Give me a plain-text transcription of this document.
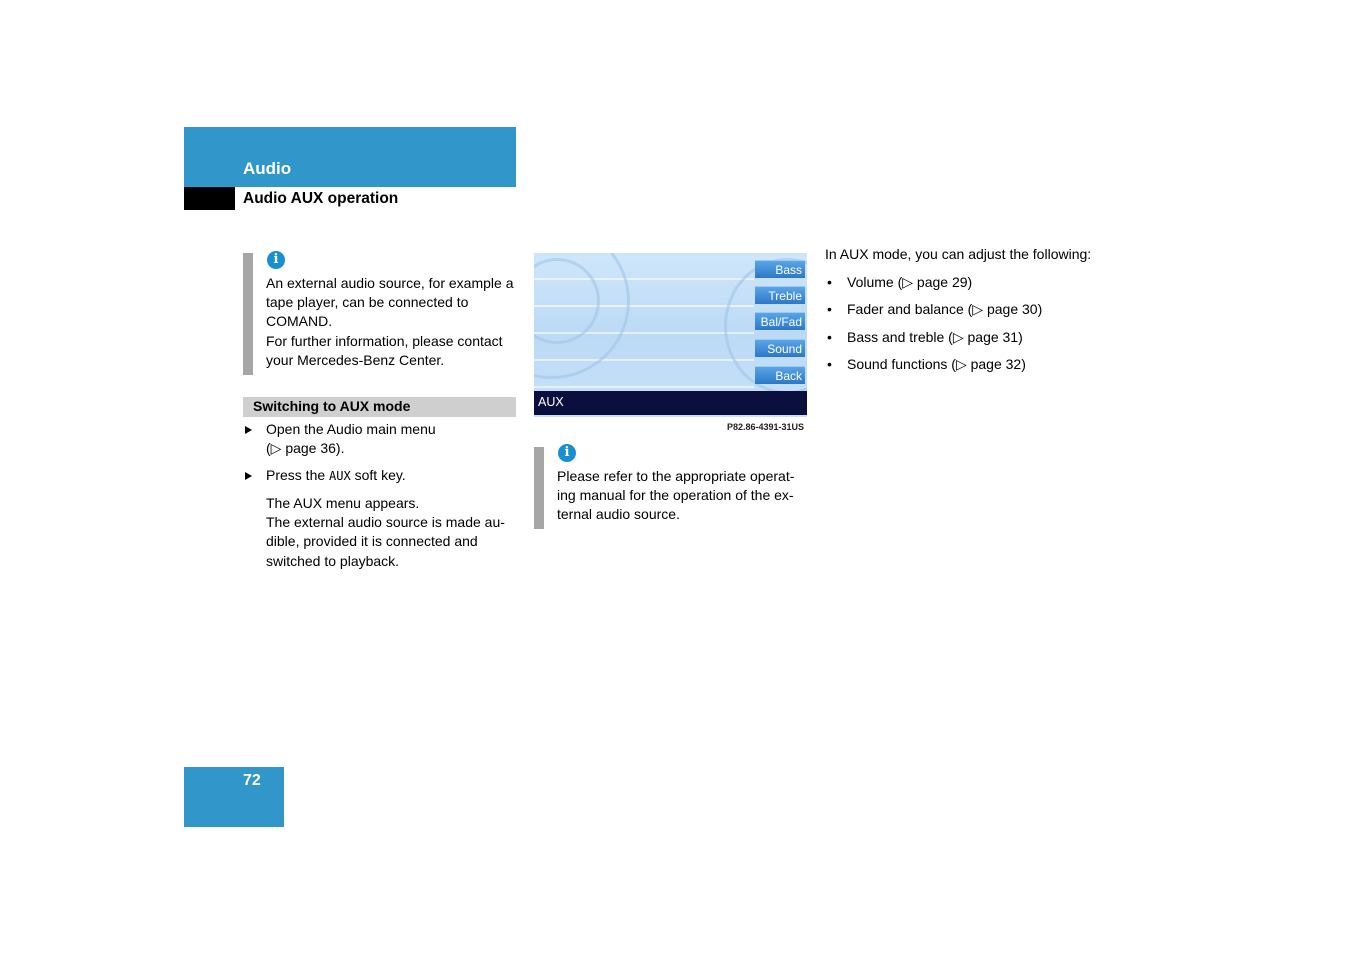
Audio
Audio AUX operation
i

An external audio source, for example a

tape player, can be connected to

COMAND.

For further information, please contact

your Mercedes-Benz Center.

Switching to AUX mode

Open the Audio main menu

(▷ page 36).

Press the AUX soft key.

The AUX menu appears.

The external audio source is made au-

dible, provided it is connected and

switched to playback.

Bass
Treble
Bal/Fad
Sound
Back
AUX
P82.86-4391-31US
i

Please refer to the appropriate operat-

ing manual for the operation of the ex-

ternal audio source.

In AUX mode, you can adjust the following:

• Volume (▷ page 29)
• Fader and balance (▷ page 30)
• Bass and treble (▷ page 31)
• Sound functions (▷ page 32)
72
